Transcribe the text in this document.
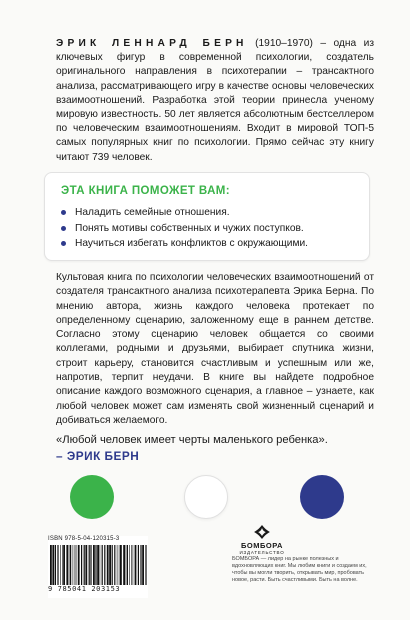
ЭРИК ЛЕННАРД БЕРН (1910–1970) – одна из ключевых фигур в современной психологии, создатель оригинального направления в психотерапии – трансактного анализа, рассматривающего игру в качестве основы человеческих взаимоотношений. Разработка этой теории принесла ученому мировую известность. 50 лет является абсолютным бестселлером по человеческим взаимоотношениям. Входит в мировой ТОП-5 самых популярных книг по психологии. Прямо сейчас эту книгу читают 739 человек.
ЭТА КНИГА ПОМОЖЕТ ВАМ:
Наладить семейные отношения.
Понять мотивы собственных и чужих поступков.
Научиться избегать конфликтов с окружающими.
Культовая книга по психологии человеческих взаимоотношений от создателя трансактного анализа психотерапевта Эрика Берна. По мнению автора, жизнь каждого человека протекает по определенному сценарию, заложенному еще в раннем детстве. Согласно этому сценарию человек общается со своими коллегами, родными и друзьями, выбирает спутника жизни, строит карьеру, становится счастливым и успешным или же, напротив, терпит неудачи. В книге вы найдете подробное описание каждого возможного сценария, а главное – узнаете, как любой человек может сам изменять свой жизненный сценарий и добиваться желаемого.
«Любой человек имеет черты маленького ребенка».
– ЭРИК БЕРН
ISBN 978-5-04-120315-3
9 785041 203153
БОМБОРА
ИЗДАТЕЛЬСТВО
БОМБОРА — лидер на рынке полезных и вдохновляющих книг. Мы любим книги и создаем их, чтобы вы могли творить, открывать мир, пробовать новое, расти. Быть счастливыми. Быть на волне.
